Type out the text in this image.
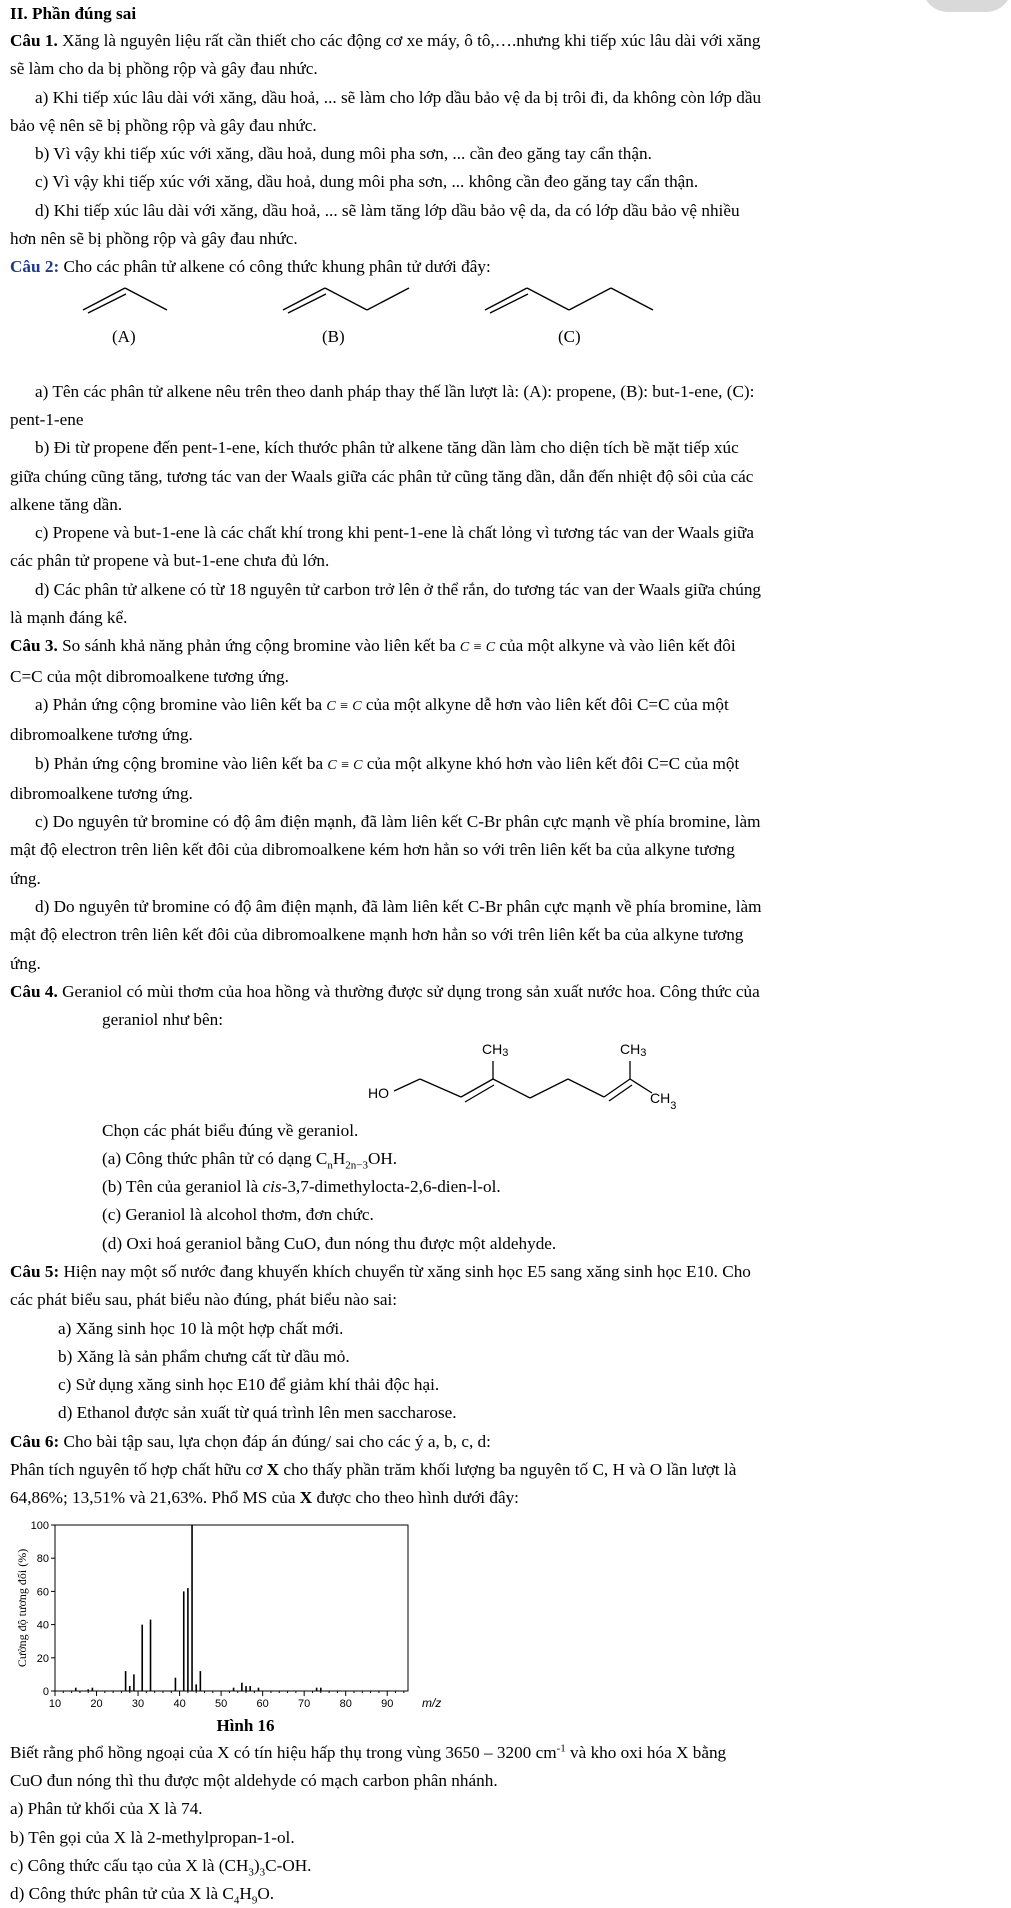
II. Phần đúng sai
Câu 1. Xăng là nguyên liệu rất cần thiết cho các động cơ xe máy, ô tô,….nhưng khi tiếp xúc lâu dài với xăng
sẽ làm cho da bị phồng rộp và gây đau nhức.
a) Khi tiếp xúc lâu dài với xăng, dầu hoả, ... sẽ làm cho lớp dầu bảo vệ da bị trôi đi, da không còn lớp dầu
bảo vệ nên sẽ bị phồng rộp và gây đau nhức.
b) Vì vậy khi tiếp xúc với xăng, dầu hoả, dung môi pha sơn, ... cần đeo găng tay cẩn thận.
c) Vì vậy khi tiếp xúc với xăng, dầu hoả, dung môi pha sơn, ... không cần đeo găng tay cẩn thận.
d) Khi tiếp xúc lâu dài với xăng, dầu hoả, ... sẽ làm tăng lớp dầu bảo vệ da, da có lớp dầu bảo vệ nhiều
hơn nên sẽ bị phồng rộp và gây đau nhức.
Câu 2: Cho các phân tử alkene có công thức khung phân tử dưới đây:
(A)	(B)	(C)
a) Tên các phân tử alkene nêu trên theo danh pháp thay thế lần lượt là: (A): propene, (B): but-1-ene, (C):
pent-1-ene
b) Đi từ propene đến pent-1-ene, kích thước phân tử alkene tăng dần làm cho diện tích bề mặt tiếp xúc
giữa chúng cũng tăng, tương tác van der Waals giữa các phân tử cũng tăng dần, dẫn đến nhiệt độ sôi của các
alkene tăng dần.
c) Propene và but-1-ene là các chất khí trong khi pent-1-ene là chất lỏng vì tương tác van der Waals giữa
các phân tử propene và but-1-ene chưa đủ lớn.
d) Các phân tử alkene có từ 18 nguyên tử carbon trở lên ở thể rắn, do tương tác van der Waals giữa chúng
là mạnh đáng kể.
Câu 3. So sánh khả năng phản ứng cộng bromine vào liên kết ba C ≡ C của một alkyne và vào liên kết đôi
C=C của một dibromoalkene tương ứng.
a) Phản ứng cộng bromine vào liên kết ba C ≡ C của một alkyne dễ hơn vào liên kết đôi C=C của một
dibromoalkene tương ứng.
b) Phản ứng cộng bromine vào liên kết ba C ≡ C của một alkyne khó hơn vào liên kết đôi C=C của một
dibromoalkene tương ứng.
c) Do nguyên tử bromine có độ âm điện mạnh, đã làm liên kết C-Br phân cực mạnh về phía bromine, làm
mật độ electron trên liên kết đôi của dibromoalkene kém hơn hẳn so với trên liên kết ba của alkyne tương
ứng.
d) Do nguyên tử bromine có độ âm điện mạnh, đã làm liên kết C-Br phân cực mạnh về phía bromine, làm
mật độ electron trên liên kết đôi của dibromoalkene mạnh hơn hẳn so với trên liên kết ba của alkyne tương
ứng.
Câu 4. Geraniol có mùi thơm của hoa hồng và thường được sử dụng trong sản xuất nước hoa. Công thức của
geraniol như bên:
CH3	CH3
$CH_3$
HO
Chọn các phát biểu đúng về geraniol.
(a) Công thức phân tử có dạng $C_nH_{2n-3}OH$.
(b) Tên của geraniol là cis-3,7-dimethylocta-2,6-dien-l-ol.
(c) Geraniol là alcohol thơm, đơn chức.
(d) Oxi hoá geraniol bằng CuO, đun nóng thu được một aldehyde.
Câu 5: Hiện nay một số nước đang khuyến khích chuyển từ xăng sinh học E5 sang xăng sinh học E10. Cho
các phát biểu sau, phát biểu nào đúng, phát biểu nào sai:
a) Xăng sinh học 10 là một hợp chất mới.
b) Xăng là sản phẩm chưng cất từ dầu mỏ.
c) Sử dụng xăng sinh học E10 để giảm khí thải độc hại.
d) Ethanol được sản xuất từ quá trình lên men saccharose.
Câu 6: Cho bài tập sau, lựa chọn đáp án đúng/ sai cho các ý a, b, c, d:
Phân tích nguyên tố hợp chất hữu cơ X cho thấy phần trăm khối lượng ba nguyên tố C, H và O lần lượt là
64,86%; 13,51% và 21,63%. Phổ MS của X được cho theo hình dưới đây:
0
20
40
60
80
100
10	20	30	40	50	60	70	80	90 m/z
Cường độ tương đối (%)
Hình 16
Biết rằng phổ hồng ngoại của X có tín hiệu hấp thụ trong vùng 3650 – 3200 $cm^{-1}$ và kho oxi hóa X bằng
CuO đun nóng thì thu được một aldehyde có mạch carbon phân nhánh.
a) Phân tử khối của X là 74.
b) Tên gọi của X là 2-methylpropan-1-ol.
c) Công thức cấu tạo của X là $(CH_3)_3C-OH$.
d) Công thức phân tử của X là $C_4H_9O$.
